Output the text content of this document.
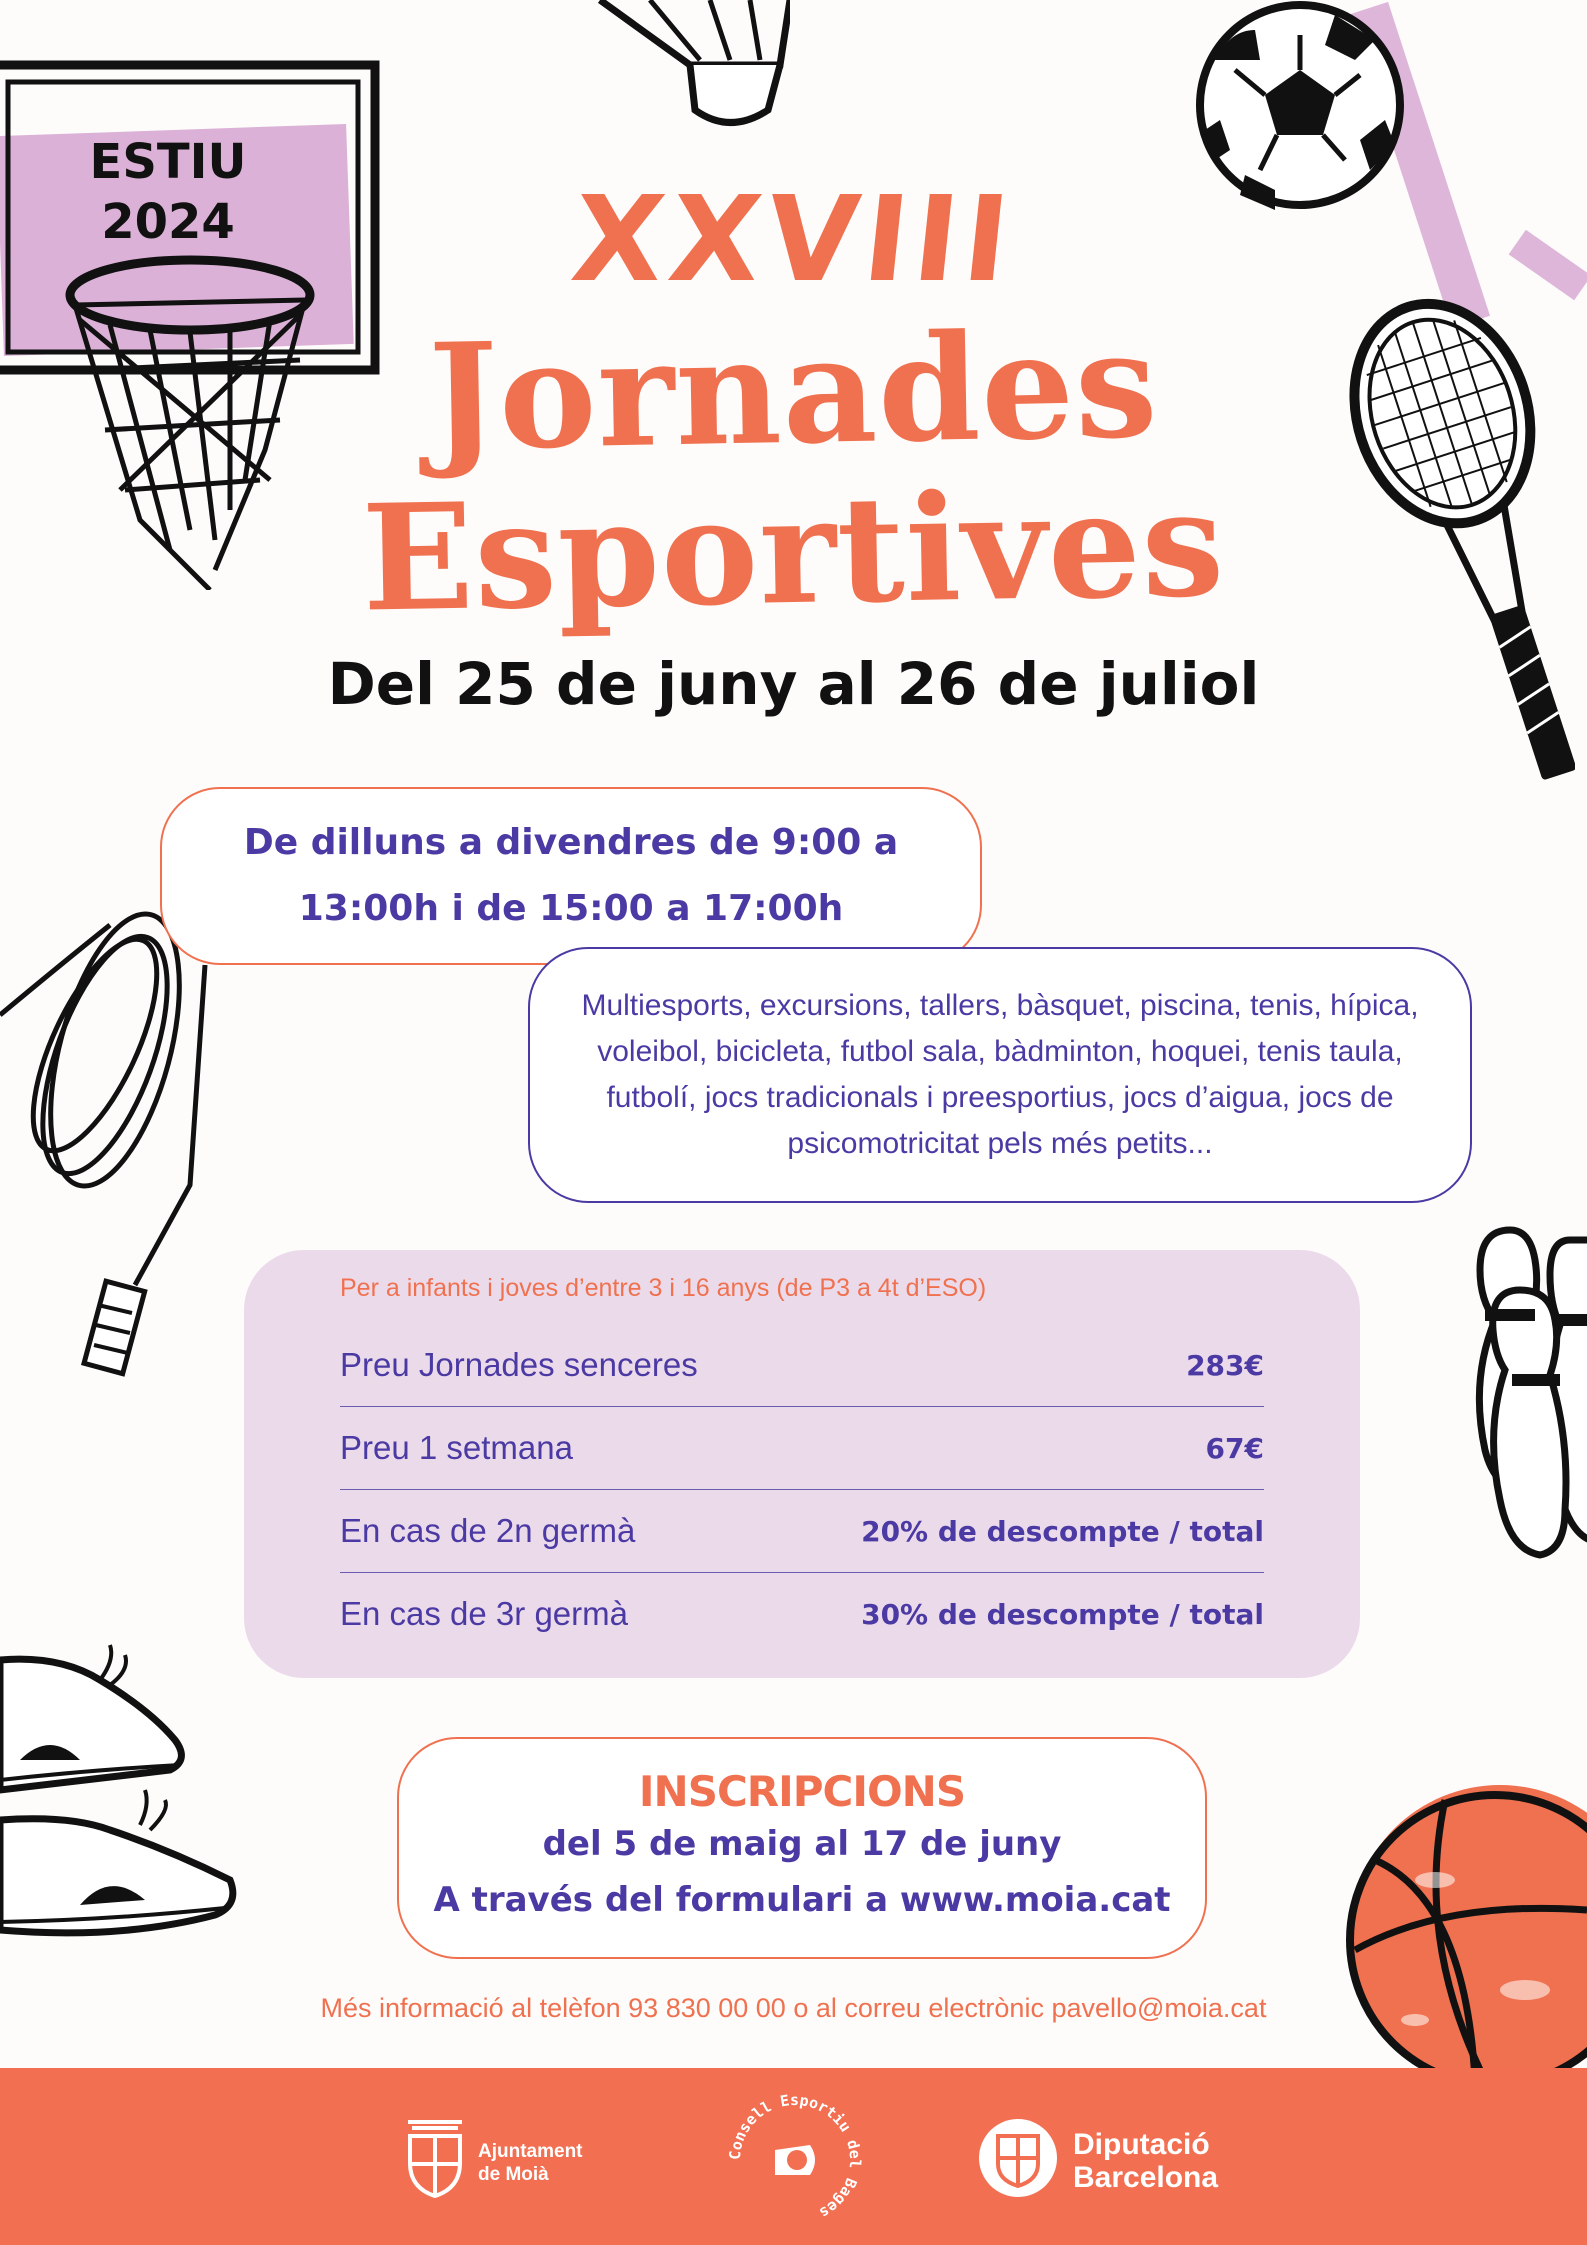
ESTIU
2024	XXVIII
Jornades
Esportives
Del 25 de juny al 26 de juliol
De dilluns a divendres de 9:00 a
13:00h i de 15:00 a 17:00h

Multiesports, excursions, tallers, bàsquet, piscina, tenis, hípica, voleibol, bicicleta, futbol sala, bàdminton, hoquei, tenis taula, futbolí, jocs tradicionals i preesportius, jocs d’aigua, jocs de psicomotricitat pels més petits...

Per a infants i joves d’entre 3 i 16 anys (de P3 a 4t d’ESO)
Preu Jornades senceres	283€
Preu 1 setmana	67€
En cas de 2n germà	20% de descompte / total
En cas de 3r germà	30% de descompte / total
INSCRIPCIONS
del 5 de maig al 17 de juny
A través del formulari a www.moia.cat
Més informació al telèfon 93 830 00 00 o al correu electrònic pavello@moia.cat
Ajuntament
de Moià
Consell Esportiu del Bages
Diputació
Barcelona
